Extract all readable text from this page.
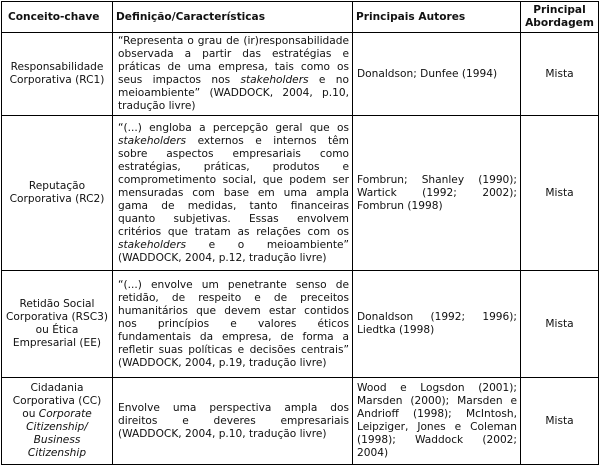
Conceito-chave	Definição/Características	Principais Autores	Principal Abordagem
Responsabilidade Corporativa (RC1)	“Representa o grau de (ir)responsabilidade observada a partir das estratégias e práticas de uma empresa, tais como os seus impactos nos stakeholders e no meioambiente” (WADDOCK, 2004, p.10, tradução livre)	Donaldson; Dunfee (1994)	Mista
Reputação Corporativa (RC2)	“(...) engloba a percepção geral que os stakeholders externos e internos têm sobre aspectos empresariais como estratégias, práticas, produtos e comprometimento social, que podem ser mensuradas com base em uma ampla gama de medidas, tanto financeiras quanto subjetivas. Essas envolvem critérios que tratam as relações com os stakeholders e o meioambiente” (WADDOCK, 2004, p.12, tradução livre)	Fombrun; Shanley (1990); Wartick (1992; 2002); Fombrun (1998)	Mista
Retidão Social Corporativa (RSC3) ou Ética Empresarial (EE)	“(...) envolve um penetrante senso de retidão, de respeito e de preceitos humanitários que devem estar contidos nos princípios e valores éticos fundamentais da empresa, de forma a refletir suas políticas e decisões centrais” (WADDOCK, 2004, p.19, tradução livre)	Donaldson (1992; 1996); Liedtka (1998)	Mista
Cidadania Corporativa (CC) ou Corporate Citizenship/ Business Citizenship	Envolve uma perspectiva ampla dos direitos e deveres empresariais (WADDOCK, 2004, p.10, tradução livre)	Wood e Logsdon (2001); Marsden (2000); Marsden e Andrioff (1998); McIntosh, Leipziger, Jones e Coleman (1998); Waddock (2002; 2004)	Mista
